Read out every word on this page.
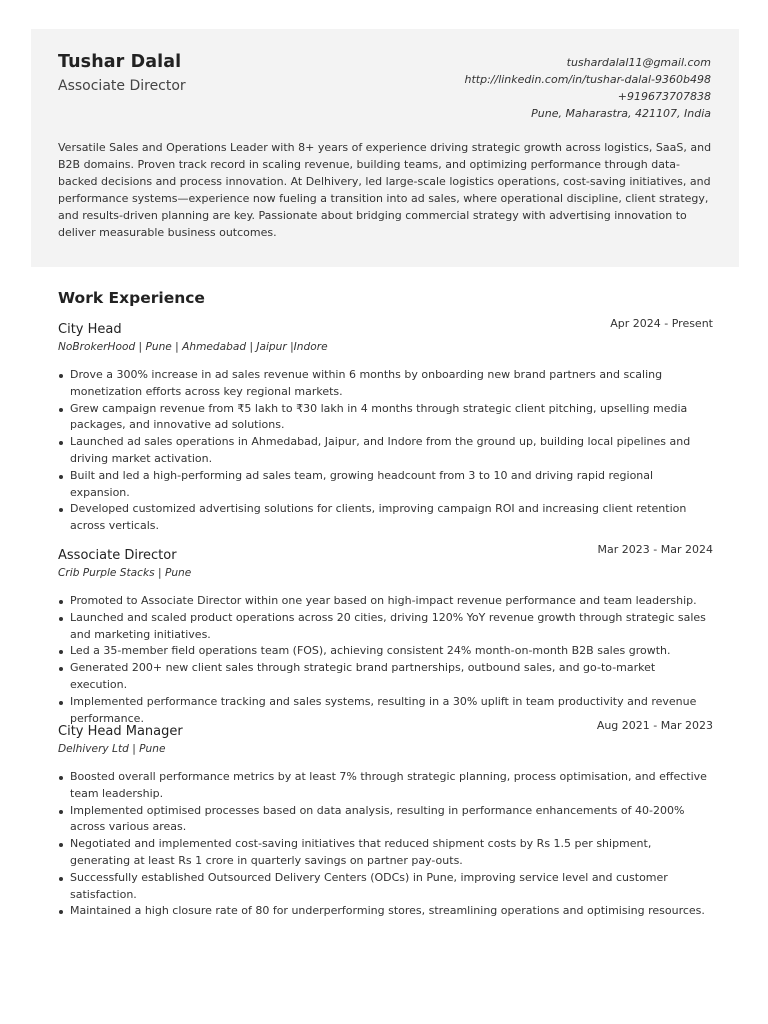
Tushar Dalal
Associate Director
tushardalal11@gmail.com
http://linkedin.com/in/tushar-dalal-9360b498
+919673707838
Pune, Maharastra, 421107, India

Versatile Sales and Operations Leader with 8+ years of experience driving strategic growth across logistics, SaaS, and B2B domains. Proven track record in scaling revenue, building teams, and optimizing performance through data-backed decisions and process innovation. At Delhivery, led large-scale logistics operations, cost-saving initiatives, and performance systems—experience now fueling a transition into ad sales, where operational discipline, client strategy, and results-driven planning are key. Passionate about bridging commercial strategy with advertising innovation to deliver measurable business outcomes.

Work Experience
City Head
NoBrokerHood | Pune | Ahmedabad | Jaipur |Indore
Apr 2024 - Present
Drove a 300% increase in ad sales revenue within 6 months by onboarding new brand partners and scaling monetization efforts across key regional markets.
Grew campaign revenue from ₹5 lakh to ₹30 lakh in 4 months through strategic client pitching, upselling media packages, and innovative ad solutions.
Launched ad sales operations in Ahmedabad, Jaipur, and Indore from the ground up, building local pipelines and driving market activation.
Built and led a high-performing ad sales team, growing headcount from 3 to 10 and driving rapid regional expansion.
Developed customized advertising solutions for clients, improving campaign ROI and increasing client retention across verticals.
Associate Director
Crib Purple Stacks | Pune
Mar 2023 - Mar 2024
Promoted to Associate Director within one year based on high-impact revenue performance and team leadership.
Launched and scaled product operations across 20 cities, driving 120% YoY revenue growth through strategic sales and marketing initiatives.
Led a 35-member field operations team (FOS), achieving consistent 24% month-on-month B2B sales growth.
Generated 200+ new client sales through strategic brand partnerships, outbound sales, and go-to-market execution.
Implemented performance tracking and sales systems, resulting in a 30% uplift in team productivity and revenue performance.
City Head Manager
Delhivery Ltd | Pune
Aug 2021 - Mar 2023
Boosted overall performance metrics by at least 7% through strategic planning, process optimisation, and effective team leadership.
Implemented optimised processes based on data analysis, resulting in performance enhancements of 40-200% across various areas.
Negotiated and implemented cost-saving initiatives that reduced shipment costs by Rs 1.5 per shipment, generating at least Rs 1 crore in quarterly savings on partner pay-outs.
Successfully established Outsourced Delivery Centers (ODCs) in Pune, improving service level and customer satisfaction.
Maintained a high closure rate of 80 for underperforming stores, streamlining operations and optimising resources.
